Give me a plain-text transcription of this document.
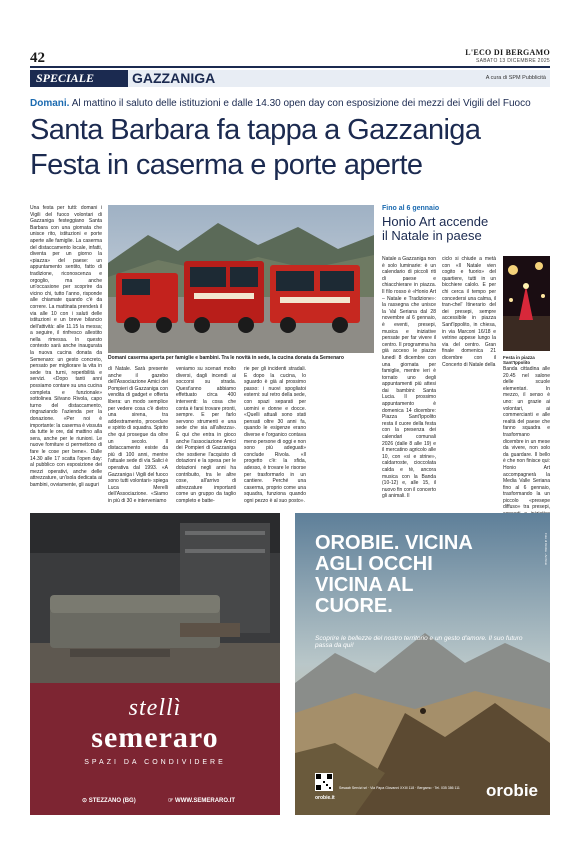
42	L'ECO DI BERGAMO
SABATO 13 DICEMBRE 2025
SPECIALE	GAZZANIGA	A cura di SPM Pubblicità
Domani. Al mattino il saluto delle istituzioni e dalle 14.30 open day con esposizione dei mezzi dei Vigili del Fuoco
Santa Barbara fa tappa a Gazzaniga
Festa in caserma e porte aperte

Una festa per tutti: domani i Vigili del fuoco volontari di Gazzaniga festeggiano Santa Barbara con una giornata che unisce rito, istituzioni e porte aperte alle famiglie. La caserma del distaccamento locale, infatti, diventa per un giorno la «piazza» del paese: un appuntamento sentito, fatto di tradizione, riconoscenza e orgoglio, ma anche un'occasione per scoprire da vicino chi, tutto l'anno, risponde alle chiamate quando c'è da correre. La mattinata prenderà il via alle 10 con i saluti delle istituzioni e un breve bilancio dell'attività: alle 11.15 la messa; a seguire, il rinfresco allestito nella rimessa. In questo contesto sarà anche inaugurata la nuova cucina donata da Semenaro: un gesto concreto, pensato per migliorare la vita in sede tra turni, reperibilità e servizi. «Dopo tanti anni possiamo contare su una cucina completa e funzionale» sottolinea Silvano Rivola, capo turno del distaccamento, ringraziando l'azienda per la donazione. «Per noi è importante: la caserma è vissuta da tutte le ore, dal mattino alla sera, anche per le riunioni. Le nuove forniture ci permettono di fare le cose per bene». Dalle 14.30 alle 17 scatta l'open day: al pubblico con esposizione dei mezzi operativi, anche delle attrezzature, un'isola dedicata ai bambini, ovviamente, gli auguri

Domani caserma aperta per famiglie e bambini. Tra le novità in sede, la cucina donata da Semenaro

di Natale. Sarà presente anche il gazebo dell'Associazione Amici dei Pompieri di Gazzaniga con vendita di gadget e offerta libera: un modo semplice per vedere cosa c'è dietro una sirena, tra addestramento, procedure e spirito di squadra. Spirito che qui prosegue da oltre un secolo. Il distaccamento esiste da più di 100 anni, mentre l'attuale sede di via Salici è operativa dal 1993. «A Gazzaniga i Vigili del fuoco sono tutti volontari» spiega Luca Merelli dell'Associazione. «Siamo in più di 30 e interveniamo

veniamo su scenari molto diversi, dagli incendi ai soccorsi su strada. Quest'anno abbiamo effettuato circa 400 interventi: la cosa che conta è farsi trovare pronti, sempre. E per farlo servono strumenti e una sede che sia all'altezza». È qui che entra in gioco anche l'associazione Amici dei Pompieri di Gazzaniga che sostiene l'acquisto di dotazioni e la spesa per le dotazioni negli anni ha contribuito, tra le altre cose, all'arrivo di attrezzature importanti come un gruppo da taglio completo e batte-

rie per gli incidenti stradali. E dopo la cucina, lo sguardo è già al prossimo passo: i nuovi spogliatoi esterni: sul retro della sede, con spazi separati per uomini e donne e docce. «Quelli attuali sono stati pensati oltre 30 anni fa, quando le esigenze erano diverse e l'organico contava meno persone di oggi e non sono più adeguati» conclude Rivola. «Il progetto c'è: la sfida, adesso, è trovare le risorse per trasformarlo in un cantiere. Perché una caserma, proprio come una squadra, funziona quando ogni pezzo è al suo posto».

Fino al 6 gennaio
Honio Art accende
il Natale in paese

Natale a Gazzaniga non è solo luminarie: è un calendario di piccoli riti di paese e chiacchierare in piazza. Il filo rosso è «Honio Art – Natale e Tradizione»: la rassegna che unisce la Val Seriana dal 28 novembre al 6 gennaio, è eventi, presepi, musica e iniziative pensate per far vivere il centro. Il programma ha già acceso le piazze lunedì 8 dicembre con una giornata per famiglie, mentre ieri è tornato uno degli appuntamenti più attesi dai bambini: Santa Lucia. Il prossimo appuntamento è domenica 14 dicembre: Piazza Sant'Ippolito resta il cuore della festa con la presenza dei calendari comunali 2026 (dalle 8 alle 19) e il mercatino agricolo alle 10, con «sì e strine», caldarroste, cioccolata calda e tè, ancora musica con la Banda (10-12) e, alle 15, il nuovo fin con il concerto gli animali. Il

ciclo si chiude a metà con «Il Natale vien cogito e fuorio» del quartiere, tutti in un bicchiere calolo. E per chi cerca il tempo per concedersi una calma, il tran-chel' Itinerario del dei presepi, sempre accessibile in piazza Sant'Ippolito, in chiesa, in via Marconi 16/18 e vetrine appese lungo la via del centro. Gran finale domenica 21 dicembre con il Concerto di Natale della

Festa in piazza Sant'Ippolito

Banda cittadina alle 20.45 nel salone delle scuole elementari. In mezzo, il senso è uno: un grazie ai volontari, ai commercianti e alle realtà del paese che fanno squadra e trasformano dicembre in un mese da vivere, non solo da guardare. Il bello è che non finisce qui: Honio Art accompagnerà la Media Valle Seriana fino al 6 gennaio, trasformando la un piccolo «presepe diffuso» tra presepi,

stellì
semeraro
SPAZI DA CONDIVIDERE
⊙ STEZZANO (BG)	☞ WWW.SEMERARO.IT
Foto di Orobie - Archivio
OROBIE. VICINA AGLI OCCHI VICINA AL CUORE.
Scoprire le bellezze del nostro territorio e un gesto d'amore. Il suo futuro passa da qui!
Sesaab Servizi srl · Via Papa Giovanni XXIII 118 · Bergamo · Tel. 035 386 111
orobie.it	orobie
